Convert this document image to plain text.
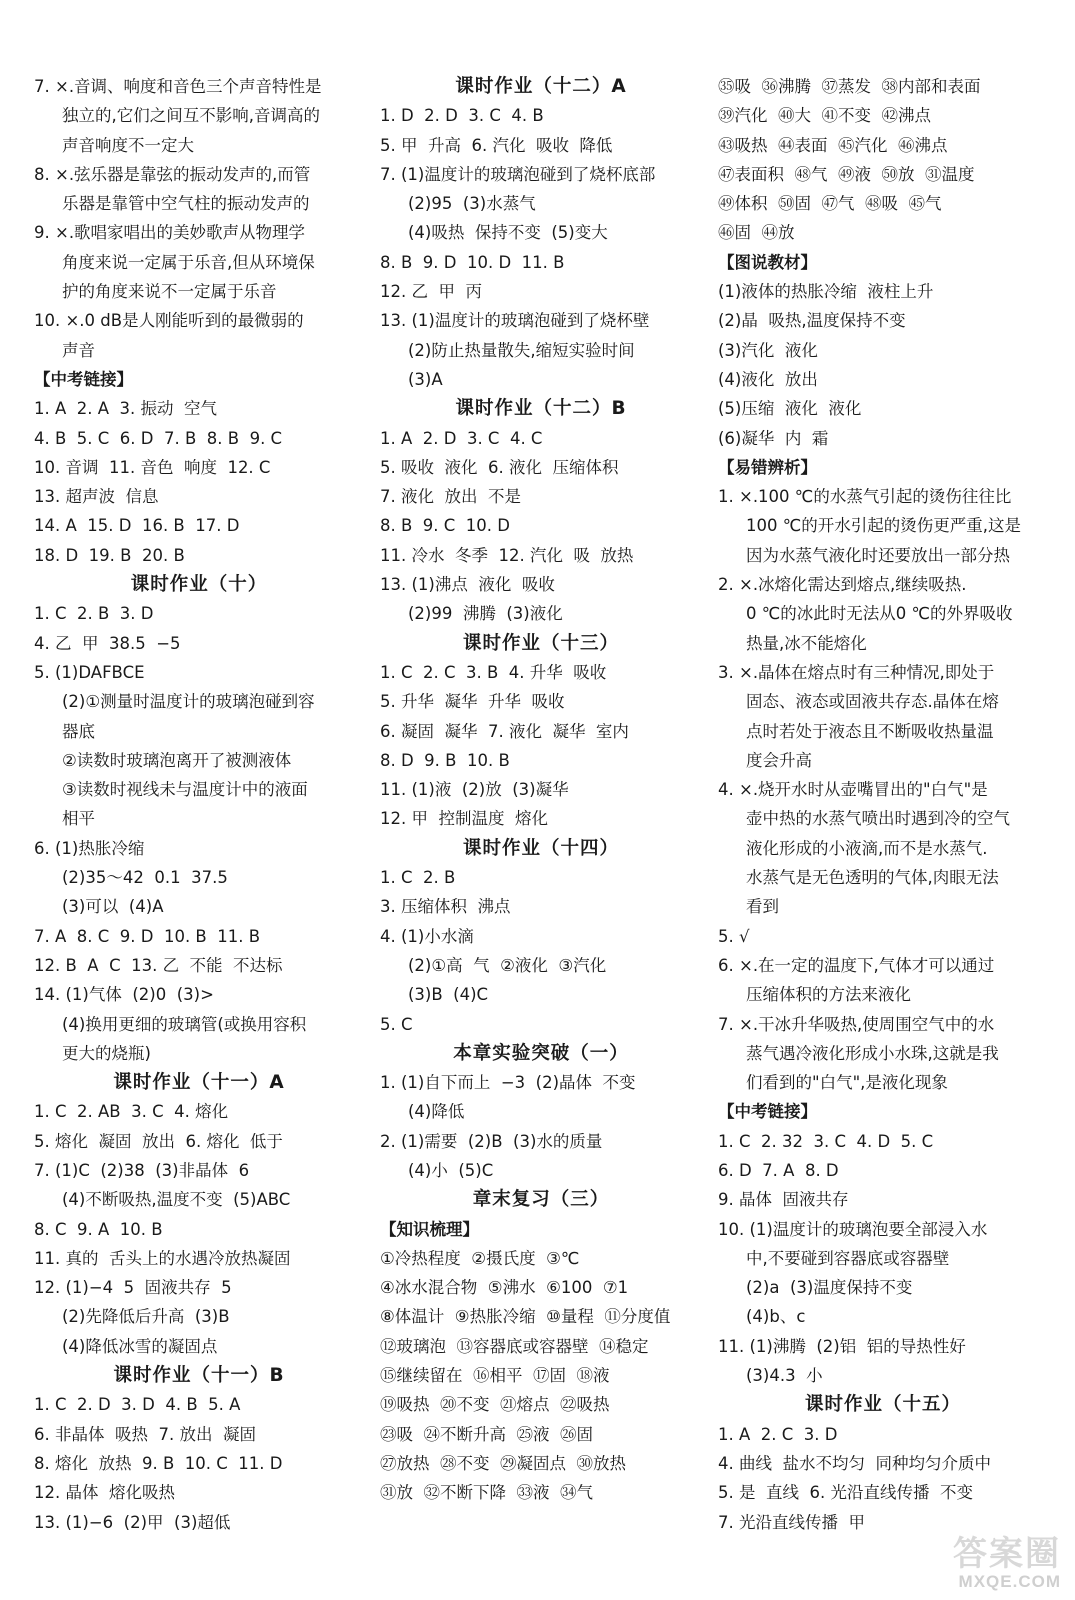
7. ×.音调、响度和音色三个声音特性是
独立的,它们之间互不影响,音调高的
声音响度不一定大
8. ×.弦乐器是靠弦的振动发声的,而管
乐器是靠管中空气柱的振动发声的
9. ×.歌唱家唱出的美妙歌声从物理学
角度来说一定属于乐音,但从环境保
护的角度来说不一定属于乐音
10. ×.0 dB是人刚能听到的最微弱的
声音
【中考链接】
1. A  2. A  3. 振动  空气
4. B  5. C  6. D  7. B  8. B  9. C
10. 音调  11. 音色  响度  12. C
13. 超声波  信息
14. A  15. D  16. B  17. D
18. D  19. B  20. B
课时作业（十）
1. C  2. B  3. D
4. 乙  甲  38.5  −5
5. (1)DAFBCE
(2)①测量时温度计的玻璃泡碰到容
器底
②读数时玻璃泡离开了被测液体
③读数时视线未与温度计中的液面
相平
6. (1)热胀冷缩
(2)35～42  0.1  37.5
(3)可以  (4)A
7. A  8. C  9. D  10. B  11. B
12. B  A  C  13. 乙  不能  不达标
14. (1)气体  (2)0  (3)>
(4)换用更细的玻璃管(或换用容积
更大的烧瓶)
课时作业（十一）A
1. C  2. AB  3. C  4. 熔化
5. 熔化  凝固  放出  6. 熔化  低于
7. (1)C  (2)38  (3)非晶体  6
(4)不断吸热,温度不变  (5)ABC
8. C  9. A  10. B
11. 真的  舌头上的水遇冷放热凝固
12. (1)−4  5  固液共存  5
(2)先降低后升高  (3)B
(4)降低冰雪的凝固点
课时作业（十一）B
1. C  2. D  3. D  4. B  5. A
6. 非晶体  吸热  7. 放出  凝固
8. 熔化  放热  9. B  10. C  11. D
12. 晶体  熔化吸热
13. (1)−6  (2)甲  (3)超低
课时作业（十二）A
1. D  2. D  3. C  4. B
5. 甲  升高  6. 汽化  吸收  降低
7. (1)温度计的玻璃泡碰到了烧杯底部
(2)95  (3)水蒸气
(4)吸热  保持不变  (5)变大
8. B  9. D  10. D  11. B
12. 乙  甲  丙
13. (1)温度计的玻璃泡碰到了烧杯壁
(2)防止热量散失,缩短实验时间
(3)A
课时作业（十二）B
1. A  2. D  3. C  4. C
5. 吸收  液化  6. 液化  压缩体积
7. 液化  放出  不是
8. B  9. C  10. D
11. 冷水  冬季  12. 汽化  吸  放热
13. (1)沸点  液化  吸收
(2)99  沸腾  (3)液化
课时作业（十三）
1. C  2. C  3. B  4. 升华  吸收
5. 升华  凝华  升华  吸收
6. 凝固  凝华  7. 液化  凝华  室内
8. D  9. B  10. B
11. (1)液  (2)放  (3)凝华
12. 甲  控制温度  熔化
课时作业（十四）
1. C  2. B
3. 压缩体积  沸点
4. (1)小水滴
(2)①高  气  ②液化  ③汽化
(3)B  (4)C
5. C
本章实验突破（一）
1. (1)自下而上  −3  (2)晶体  不变
(4)降低
2. (1)需要  (2)B  (3)水的质量
(4)小  (5)C
章末复习（三）
【知识梳理】
①冷热程度  ②摄氏度  ③℃
④冰水混合物  ⑤沸水  ⑥100  ⑦1
⑧体温计  ⑨热胀冷缩  ⑩量程  ⑪分度值
⑫玻璃泡  ⑬容器底或容器壁  ⑭稳定
⑮继续留在  ⑯相平  ⑰固  ⑱液
⑲吸热  ⑳不变  ㉑熔点  ㉒吸热
㉓吸  ㉔不断升高  ㉕液  ㉖固
㉗放热  ㉘不变  ㉙凝固点  ㉚放热
㉛放  ㉜不断下降  ㉝液  ㉞气
㉟吸  ㊱沸腾  ㊲蒸发  ㊳内部和表面
㊴汽化  ㊵大  ㊶不变  ㊷沸点
㊸吸热  ㊹表面  ㊺汽化  ㊻沸点
㊼表面积  ㊽气  ㊾液  ㊿放  ㉛温度
㊾体积  ㊿固  ㊼气  ㊽吸  ㊺气
㊻固  ㊹放
【图说教材】
(1)液体的热胀冷缩  液柱上升
(2)晶  吸热,温度保持不变
(3)汽化  液化
(4)液化  放出
(5)压缩  液化  液化
(6)凝华  内  霜
【易错辨析】
1. ×.100 ℃的水蒸气引起的烫伤往往比
100 ℃的开水引起的烫伤更严重,这是
因为水蒸气液化时还要放出一部分热
2. ×.冰熔化需达到熔点,继续吸热.
0 ℃的冰此时无法从0 ℃的外界吸收
热量,冰不能熔化
3. ×.晶体在熔点时有三种情况,即处于
固态、液态或固液共存态.晶体在熔
点时若处于液态且不断吸收热量温
度会升高
4. ×.烧开水时从壶嘴冒出的"白气"是
壶中热的水蒸气喷出时遇到冷的空气
液化形成的小液滴,而不是水蒸气.
水蒸气是无色透明的气体,肉眼无法
看到
5. √
6. ×.在一定的温度下,气体才可以通过
压缩体积的方法来液化
7. ×.干冰升华吸热,使周围空气中的水
蒸气遇冷液化形成小水珠,这就是我
们看到的"白气",是液化现象
【中考链接】
1. C  2. 32  3. C  4. D  5. C
6. D  7. A  8. D
9. 晶体  固液共存
10. (1)温度计的玻璃泡要全部浸入水
中,不要碰到容器底或容器壁
(2)a  (3)温度保持不变
(4)b、c
11. (1)沸腾  (2)铝  铝的导热性好
(3)4.3  小
课时作业（十五）
1. A  2. C  3. D
4. 曲线  盐水不均匀  同种均匀介质中
5. 是  直线  6. 光沿直线传播  不变
7. 光沿直线传播  甲
答案圈
MXQE.COM
